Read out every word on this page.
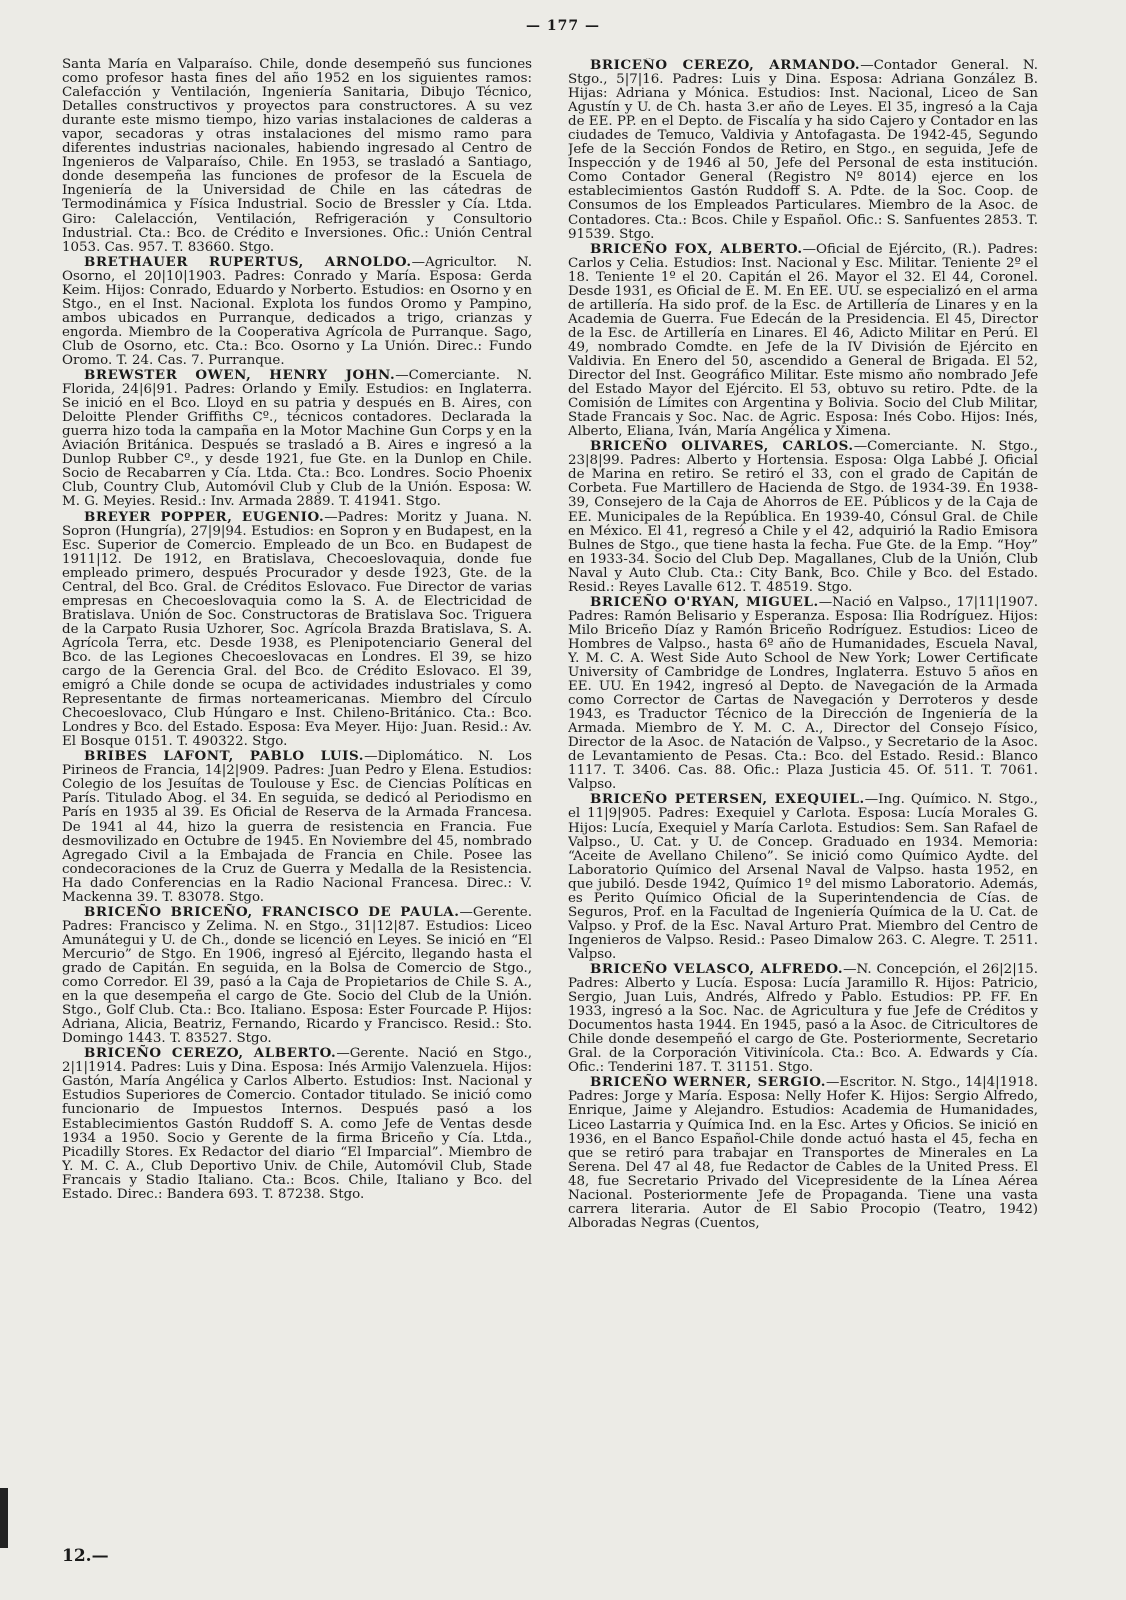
— 177 —

Santa María en Valparaíso. Chile, donde desempeñó sus funciones como profesor hasta fines del año 1952 en los siguientes ramos: Calefacción y Ventilación, Ingeniería Sanitaria, Dibujo Técnico, Detalles constructivos y proyectos para constructores. A su vez durante este mismo tiempo, hizo varias instalaciones de calderas a vapor, secadoras y otras instalaciones del mismo ramo para diferentes industrias nacionales, habiendo ingresado al Centro de Ingenieros de Valparaíso, Chile. En 1953, se trasladó a Santiago, donde desempeña las funciones de profesor de la Escuela de Ingeniería de la Universidad de Chile en las cátedras de Termodinámica y Física Industrial. Socio de Bressler y Cía. Ltda. Giro: Calelacción, Ventilación, Refrigeración y Consultorio Industrial. Cta.: Bco. de Crédito e Inversiones. Ofic.: Unión Central 1053. Cas. 957. T. 83660. Stgo.

BRETHAUER RUPERTUS, ARNOLDO.—Agricultor. N. Osorno, el 20|10|1903. Padres: Conrado y María. Esposa: Gerda Keim. Hijos: Conrado, Eduardo y Norberto. Estudios: en Osorno y en Stgo., en el Inst. Nacional. Explota los fundos Oromo y Pampino, ambos ubicados en Purranque, dedicados a trigo, crianzas y engorda. Miembro de la Cooperativa Agrícola de Purranque. Sago, Club de Osorno, etc. Cta.: Bco. Osorno y La Unión. Direc.: Fundo Oromo. T. 24. Cas. 7. Purranque.

BREWSTER OWEN, HENRY JOHN.—Comerciante. N. Florida, 24|6|91. Padres: Orlando y Emily. Estudios: en Inglaterra. Se inició en el Bco. Lloyd en su patria y después en B. Aires, con Deloitte Plender Griffiths Cº., técnicos contadores. Declarada la guerra hizo toda la campaña en la Motor Machine Gun Corps y en la Aviación Británica. Después se trasladó a B. Aires e ingresó a la Dunlop Rubber Cº., y desde 1921, fue Gte. en la Dunlop en Chile. Socio de Recabarren y Cía. Ltda. Cta.: Bco. Londres. Socio Phoenix Club, Country Club, Automóvil Club y Club de la Unión. Esposa: W. M. G. Meyies. Resid.: Inv. Armada 2889. T. 41941. Stgo.

BREYER POPPER, EUGENIO.—Padres: Moritz y Juana. N. Sopron (Hungría), 27|9|94. Estudios: en Sopron y en Budapest, en la Esc. Superior de Comercio. Empleado de un Bco. en Budapest de 1911|12. De 1912, en Bratislava, Checoeslovaquia, donde fue empleado primero, después Procurador y desde 1923, Gte. de la Central, del Bco. Gral. de Créditos Eslovaco. Fue Director de varias empresas en Checoeslovaquia como la S. A. de Electricidad de Bratislava. Unión de Soc. Constructoras de Bratislava Soc. Triguera de la Carpato Rusia Uzhorer, Soc. Agrícola Brazda Bratislava, S. A. Agrícola Terra, etc. Desde 1938, es Plenipotenciario General del Bco. de las Legiones Checoeslovacas en Londres. El 39, se hizo cargo de la Gerencia Gral. del Bco. de Crédito Eslovaco. El 39, emigró a Chile donde se ocupa de actividades industriales y como Representante de firmas norteamericanas. Miembro del Círculo Checoeslovaco, Club Húngaro e Inst. Chileno-Británico. Cta.: Bco. Londres y Bco. del Estado. Esposa: Eva Meyer. Hijo: Juan. Resid.: Av. El Bosque 0151. T. 490322. Stgo.

BRIBES LAFONT, PABLO LUIS.—Diplomático. N. Los Pirineos de Francia, 14|2|909. Padres: Juan Pedro y Elena. Estudios: Colegio de los Jesuítas de Toulouse y Esc. de Ciencias Políticas en París. Titulado Abog. el 34. En seguida, se dedicó al Periodismo en París en 1935 al 39. Es Oficial de Reserva de la Armada Francesa. De 1941 al 44, hizo la guerra de resistencia en Francia. Fue desmovilizado en Octubre de 1945. En Noviembre del 45, nombrado Agregado Civil a la Embajada de Francia en Chile. Posee las condecoraciones de la Cruz de Guerra y Medalla de la Resistencia. Ha dado Conferencias en la Radio Nacional Francesa. Direc.: V. Mackenna 39. T. 83078. Stgo.

BRICEÑO BRICEÑO, FRANCISCO DE PAULA.—Gerente. Padres: Francisco y Zelima. N. en Stgo., 31|12|87. Estudios: Liceo Amunátegui y U. de Ch., donde se licenció en Leyes. Se inició en “El Mercurio” de Stgo. En 1906, ingresó al Ejército, llegando hasta el grado de Capitán. En seguida, en la Bolsa de Comercio de Stgo., como Corredor. El 39, pasó a la Caja de Propietarios de Chile S. A., en la que desempeña el cargo de Gte. Socio del Club de la Unión. Stgo., Golf Club. Cta.: Bco. Italiano. Esposa: Ester Fourcade P. Hijos: Adriana, Alicia, Beatriz, Fernando, Ricardo y Francisco. Resid.: Sto. Domingo 1443. T. 83527. Stgo.

BRICEÑO CEREZO, ALBERTO.—Gerente. Nació en Stgo., 2|1|1914. Padres: Luis y Dina. Esposa: Inés Armijo Valenzuela. Hijos: Gastón, María Angélica y Carlos Alberto. Estudios: Inst. Nacional y Estudios Superiores de Comercio. Contador titulado. Se inició como funcionario de Impuestos Internos. Después pasó a los Establecimientos Gastón Ruddoff S. A. como Jefe de Ventas desde 1934 a 1950. Socio y Gerente de la firma Briceño y Cía. Ltda., Picadilly Stores. Ex Redactor del diario “El Imparcial”. Miembro de Y. M. C. A., Club Deportivo Univ. de Chile, Automóvil Club, Stade Francais y Stadio Italiano. Cta.: Bcos. Chile, Italiano y Bco. del Estado. Direc.: Bandera 693. T. 87238. Stgo.

BRICEÑO CEREZO, ARMANDO.—Contador General. N. Stgo., 5|7|16. Padres: Luis y Dina. Esposa: Adriana González B. Hijas: Adriana y Mónica. Estudios: Inst. Nacional, Liceo de San Agustín y U. de Ch. hasta 3.er año de Leyes. El 35, ingresó a la Caja de EE. PP. en el Depto. de Fiscalía y ha sido Cajero y Contador en las ciudades de Temuco, Valdivia y Antofagasta. De 1942-45, Segundo Jefe de la Sección Fondos de Retiro, en Stgo., en seguida, Jefe de Inspección y de 1946 al 50, Jefe del Personal de esta institución. Como Contador General (Registro Nº 8014) ejerce en los establecimientos Gastón Ruddoff S. A. Pdte. de la Soc. Coop. de Consumos de los Empleados Particulares. Miembro de la Asoc. de Contadores. Cta.: Bcos. Chile y Español. Ofic.: S. Sanfuentes 2853. T. 91539. Stgo.

BRICEÑO FOX, ALBERTO.—Oficial de Ejército, (R.). Padres: Carlos y Celia. Estudios: Inst. Nacional y Esc. Militar. Teniente 2º el 18. Teniente 1º el 20. Capitán el 26. Mayor el 32. El 44, Coronel. Desde 1931, es Oficial de E. M. En EE. UU. se especializó en el arma de artillería. Ha sido prof. de la Esc. de Artillería de Linares y en la Academia de Guerra. Fue Edecán de la Presidencia. El 45, Director de la Esc. de Artillería en Linares. El 46, Adicto Militar en Perú. El 49, nombrado Comdte. en Jefe de la IV División de Ejército en Valdivia. En Enero del 50, ascendido a General de Brigada. El 52, Director del Inst. Geográfico Militar. Este mismo año nombrado Jefe del Estado Mayor del Ejército. El 53, obtuvo su retiro. Pdte. de la Comisión de Límites con Argentina y Bolivia. Socio del Club Militar, Stade Francais y Soc. Nac. de Agric. Esposa: Inés Cobo. Hijos: Inés, Alberto, Eliana, Iván, María Angélica y Ximena.

BRICEÑO OLIVARES, CARLOS.—Comerciante. N. Stgo., 23|8|99. Padres: Alberto y Hortensia. Esposa: Olga Labbé J. Oficial de Marina en retiro. Se retiró el 33, con el grado de Capitán de Corbeta. Fue Martillero de Hacienda de Stgo. de 1934-39. En 1938-39, Consejero de la Caja de Ahorros de EE. Públicos y de la Caja de EE. Municipales de la República. En 1939-40, Cónsul Gral. de Chile en México. El 41, regresó a Chile y el 42, adquirió la Radio Emisora Bulnes de Stgo., que tiene hasta la fecha. Fue Gte. de la Emp. “Hoy” en 1933-34. Socio del Club Dep. Magallanes, Club de la Unión, Club Naval y Auto Club. Cta.: City Bank, Bco. Chile y Bco. del Estado. Resid.: Reyes Lavalle 612. T. 48519. Stgo.

BRICEÑO O'RYAN, MIGUEL.—Nació en Valpso., 17|11|1907. Padres: Ramón Belisario y Esperanza. Esposa: Ilia Rodríguez. Hijos: Milo Briceño Díaz y Ramón Briceño Rodríguez. Estudios: Liceo de Hombres de Valpso., hasta 6º año de Humanidades, Escuela Naval, Y. M. C. A. West Side Auto School de New York; Lower Certificate University of Cambridge de Londres, Inglaterra. Estuvo 5 años en EE. UU. En 1942, ingresó al Depto. de Navegación de la Armada como Corrector de Cartas de Navegación y Derroteros y desde 1943, es Traductor Técnico de la Dirección de Ingeniería de la Armada. Miembro de Y. M. C. A., Director del Consejo Físico, Director de la Asoc. de Natación de Valpso., y Secretario de la Asoc. de Levantamiento de Pesas. Cta.: Bco. del Estado. Resid.: Blanco 1117. T. 3406. Cas. 88. Ofic.: Plaza Justicia 45. Of. 511. T. 7061. Valpso.

BRICEÑO PETERSEN, EXEQUIEL.—Ing. Químico. N. Stgo., el 11|9|905. Padres: Exequiel y Carlota. Esposa: Lucía Morales G. Hijos: Lucía, Exequiel y María Carlota. Estudios: Sem. San Rafael de Valpso., U. Cat. y U. de Concep. Graduado en 1934. Memoria: “Aceite de Avellano Chileno”. Se inició como Químico Aydte. del Laboratorio Químico del Arsenal Naval de Valpso. hasta 1952, en que jubiló. Desde 1942, Químico 1º del mismo Laboratorio. Además, es Perito Químico Oficial de la Superintendencia de Cías. de Seguros, Prof. en la Facultad de Ingeniería Química de la U. Cat. de Valpso. y Prof. de la Esc. Naval Arturo Prat. Miembro del Centro de Ingenieros de Valpso. Resid.: Paseo Dimalow 263. C. Alegre. T. 2511. Valpso.

BRICEÑO VELASCO, ALFREDO.—N. Concepción, el 26|2|15. Padres: Alberto y Lucía. Esposa: Lucía Jaramillo R. Hijos: Patricio, Sergio, Juan Luis, Andrés, Alfredo y Pablo. Estudios: PP. FF. En 1933, ingresó a la Soc. Nac. de Agricultura y fue Jefe de Créditos y Documentos hasta 1944. En 1945, pasó a la Asoc. de Citricultores de Chile donde desempeñó el cargo de Gte. Posteriormente, Secretario Gral. de la Corporación Vitivinícola. Cta.: Bco. A. Edwards y Cía. Ofic.: Tenderini 187. T. 31151. Stgo.

BRICEÑO WERNER, SERGIO.—Escritor. N. Stgo., 14|4|1918. Padres: Jorge y María. Esposa: Nelly Hofer K. Hijos: Sergio Alfredo, Enrique, Jaime y Alejandro. Estudios: Academia de Humanidades, Liceo Lastarria y Química Ind. en la Esc. Artes y Oficios. Se inició en 1936, en el Banco Español-Chile donde actuó hasta el 45, fecha en que se retiró para trabajar en Transportes de Minerales en La Serena. Del 47 al 48, fue Redactor de Cables de la United Press. El 48, fue Secretario Privado del Vicepresidente de la Línea Aérea Nacional. Posteriormente Jefe de Propaganda. Tiene una vasta carrera literaria. Autor de El Sabio Procopio (Teatro, 1942) Alboradas Negras (Cuentos,

12.—
